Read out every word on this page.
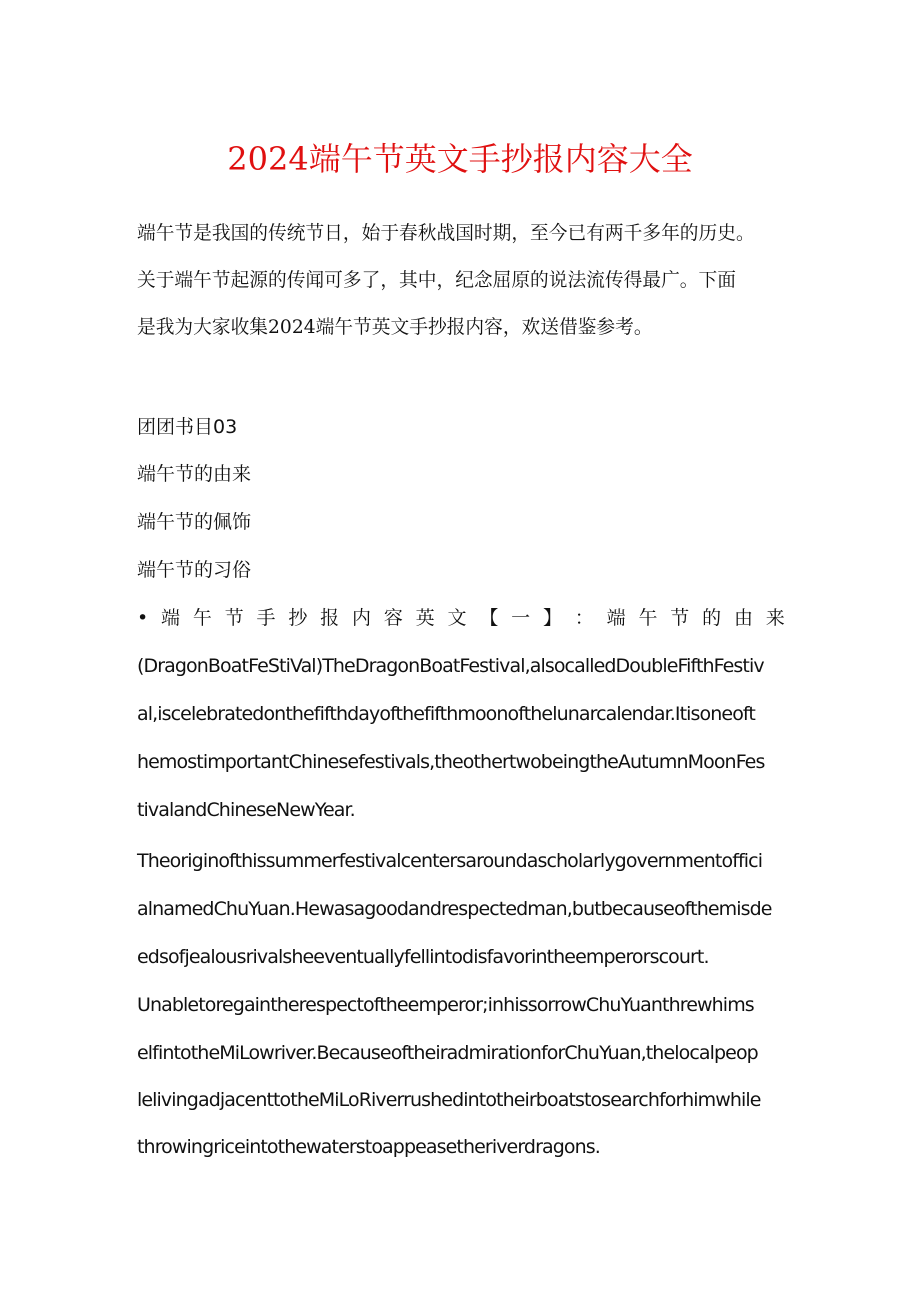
2024端午节英文手抄报内容大全
端午节是我国的传统节日，始于春秋战国时期，至今已有两千多年的历史。
关于端午节起源的传闻可多了，其中，纪念屈原的说法流传得最广。下面
是我为大家收集2024端午节英文手抄报内容，欢送借鉴参考。
团团书目03
端午节的由来
端午节的佩饰
端午节的习俗
• 端 午 节 手 抄 报 内 容 英 文 【 一 】 ： 端 午 节 的 由 来
(DragonBoatFeStiVal)TheDragonBoatFestival,alsocalledDoubleFifthFestiv
al,iscelebratedonthefifthdayofthefifthmoonofthelunarcalendar.Itisoneoft
hemostimportantChinesefestivals,theothertwobeingtheAutumnMoonFes
tivalandChineseNewYear.
Theoriginofthissummerfestivalcentersaroundascholarlygovernmentoffici
alnamedChuYuan.Hewasagoodandrespectedman,butbecauseofthemisde
edsofjealousrivalsheeventuallyfellintodisfavorintheemperorscourt.
Unabletoregaintherespectoftheemperor;inhissorrowChuYuanthrewhims
elfintotheMiLowriver.BecauseoftheiradmirationforChuYuan,thelocalpeop
lelivingadjacenttotheMiLoRiverrushedintotheirboatstosearchforhimwhile
throwingriceintothewaterstoappeasetheriverdragons.
